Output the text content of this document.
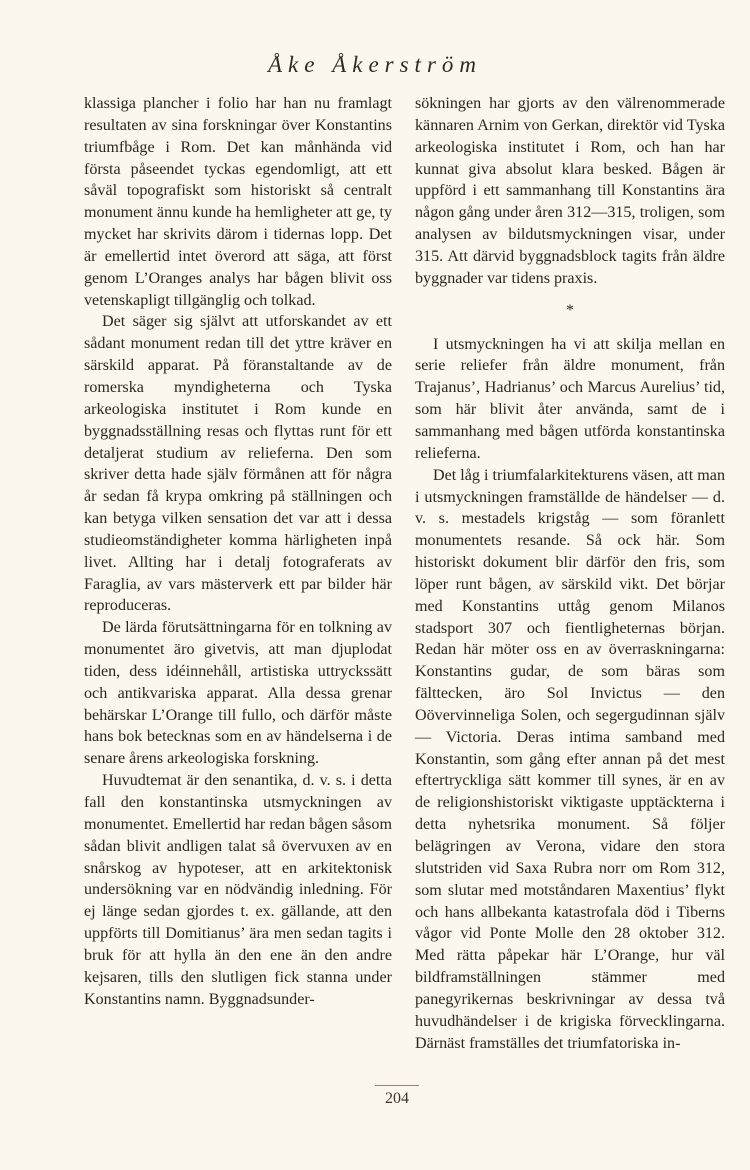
Åke Åkerström

klassiga plancher i folio har han nu framlagt resultaten av sina forskningar över Konstantins triumfbåge i Rom. Det kan månhända vid första påseendet tyckas egendomligt, att ett såväl topografiskt som historiskt så centralt monument ännu kunde ha hemligheter att ge, ty mycket har skrivits därom i tidernas lopp. Det är emellertid intet överord att säga, att först genom L’Oranges analys har bågen blivit oss vetenskapligt tillgänglig och tolkad.

Det säger sig självt att utforskandet av ett sådant monument redan till det yttre kräver en särskild apparat. På föranstaltande av de romerska myndigheterna och Tyska arkeologiska institutet i Rom kunde en byggnadsställning resas och flyttas runt för ett detaljerat studium av relieferna. Den som skriver detta hade själv förmånen att för några år sedan få krypa omkring på ställningen och kan betyga vilken sensation det var att i dessa studieomständigheter komma härligheten inpå livet. Allting har i detalj fotograferats av Faraglia, av vars mästerverk ett par bilder här reproduceras.

De lärda förutsättningarna för en tolkning av monumentet äro givetvis, att man djuplodat tiden, dess idéinnehåll, artistiska uttryckssätt och antikvariska apparat. Alla dessa grenar behärskar L’Orange till fullo, och därför måste hans bok betecknas som en av händelserna i de senare årens arkeologiska forskning.

Huvudtemat är den senantika, d. v. s. i detta fall den konstantinska utsmyckningen av monumentet. Emellertid har redan bågen såsom sådan blivit andligen talat så övervuxen av en snårskog av hypoteser, att en arkitektonisk undersökning var en nödvändig inledning. För ej länge sedan gjordes t. ex. gällande, att den uppförts till Domitianus’ ära men sedan tagits i bruk för att hylla än den ene än den andre kejsaren, tills den slutligen fick stanna under Konstantins namn. Byggnadsunder-

sökningen har gjorts av den välrenommerade kännaren Arnim von Gerkan, direktör vid Tyska arkeologiska institutet i Rom, och han har kunnat giva absolut klara besked. Bågen är uppförd i ett sammanhang till Konstantins ära någon gång under åren 312—315, troligen, som analysen av bildutsmyckningen visar, under 315. Att därvid byggnadsblock tagits från äldre byggnader var tidens praxis.

*

I utsmyckningen ha vi att skilja mellan en serie reliefer från äldre monument, från Trajanus’, Hadrianus’ och Marcus Aurelius’ tid, som här blivit åter använda, samt de i sammanhang med bågen utförda konstantinska relieferna.

Det låg i triumfalarkitekturens väsen, att man i utsmyckningen framställde de händelser — d. v. s. mestadels krigståg — som föranlett monumentets resande. Så ock här. Som historiskt dokument blir därför den fris, som löper runt bågen, av särskild vikt. Det börjar med Konstantins uttåg genom Milanos stadsport 307 och fientligheternas början. Redan här möter oss en av överraskningarna: Konstantins gudar, de som bäras som fälttecken, äro Sol Invictus — den Oövervinneliga Solen, och segergudinnan själv — Victoria. Deras intima samband med Konstantin, som gång efter annan på det mest eftertryckliga sätt kommer till synes, är en av de religionshistoriskt viktigaste upptäckterna i detta nyhetsrika monument. Så följer belägringen av Verona, vidare den stora slutstriden vid Saxa Rubra norr om Rom 312, som slutar med motståndaren Maxentius’ flykt och hans allbekanta katastrofala död i Tiberns vågor vid Ponte Molle den 28 oktober 312. Med rätta påpekar här L’Orange, hur väl bildframställningen stämmer med panegyrikernas beskrivningar av dessa två huvudhändelser i de krigiska förvecklingarna. Därnäst framställes det triumfatoriska in-

204
